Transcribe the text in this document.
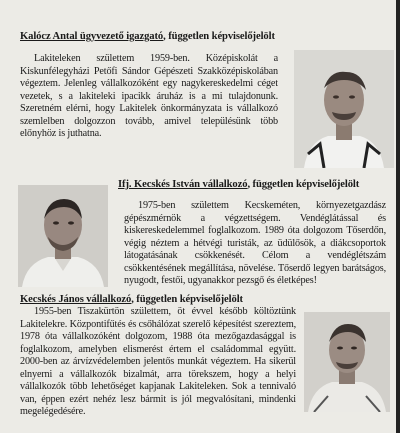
Kalócz Antal ügyvezető igazgató, független képviselőjelölt

Lakiteleken születtem 1959-ben. Középiskolát a Kiskunfélegyházi Petőfi Sándor Gépészeti Szakközépiskolában végeztem. Jelenleg vállalkozóként egy nagykereskedelmi céget vezetek, s a lakiteleki ipacikk áruház is a mi tulajdonunk. Szeretném elérni, hogy Lakitelek önkormányzata is vállalkozó szemlelben dolgozzon tovább, amivel településünk több előnyhöz is juthatna.

Ifj. Kecskés István vállalkozó, független képviselőjelölt

1975-ben születtem Kecskeméten, környezetgazdász gépészmérnök a végzettségem. Vendéglátással és kiskereskedelemmel foglalkozom. 1989 óta dolgozom Tőserdőn, végig néztem a hétvégi turisták, az üdülősök, a diákcsoportok látogatásának csökkenését. Célom a vendéglétszám csökkentésének megállítása, növelése. Tőserdő legyen barátságos, nyugodt, festői, ugyanakkor pezsgő és életképes!

Kecskés János vállalkozó, független képviselőjelölt

1955-ben Tiszakürtön születtem, öt évvel később költöztünk Lakitelekre. Központifűtés és csőhálózat szerelő képesítést szereztem, 1978 óta vállalkozóként dolgozom, 1988 óta mezőgazdasággal is foglalkozom, amelyben elismerést értem el családommal együtt. 2000-ben az árvízvédelemben jelentős munkát végeztem. Ha sikerül elnyerni a vállalkozók bizalmát, arra törekszem, hogy a helyi vállalkozók több lehetőséget kapjanak Lakiteleken. Sok a tennivaló van, éppen ezért nehéz lesz bármit is jól megvalósítani, mindenki megelégedésére.
